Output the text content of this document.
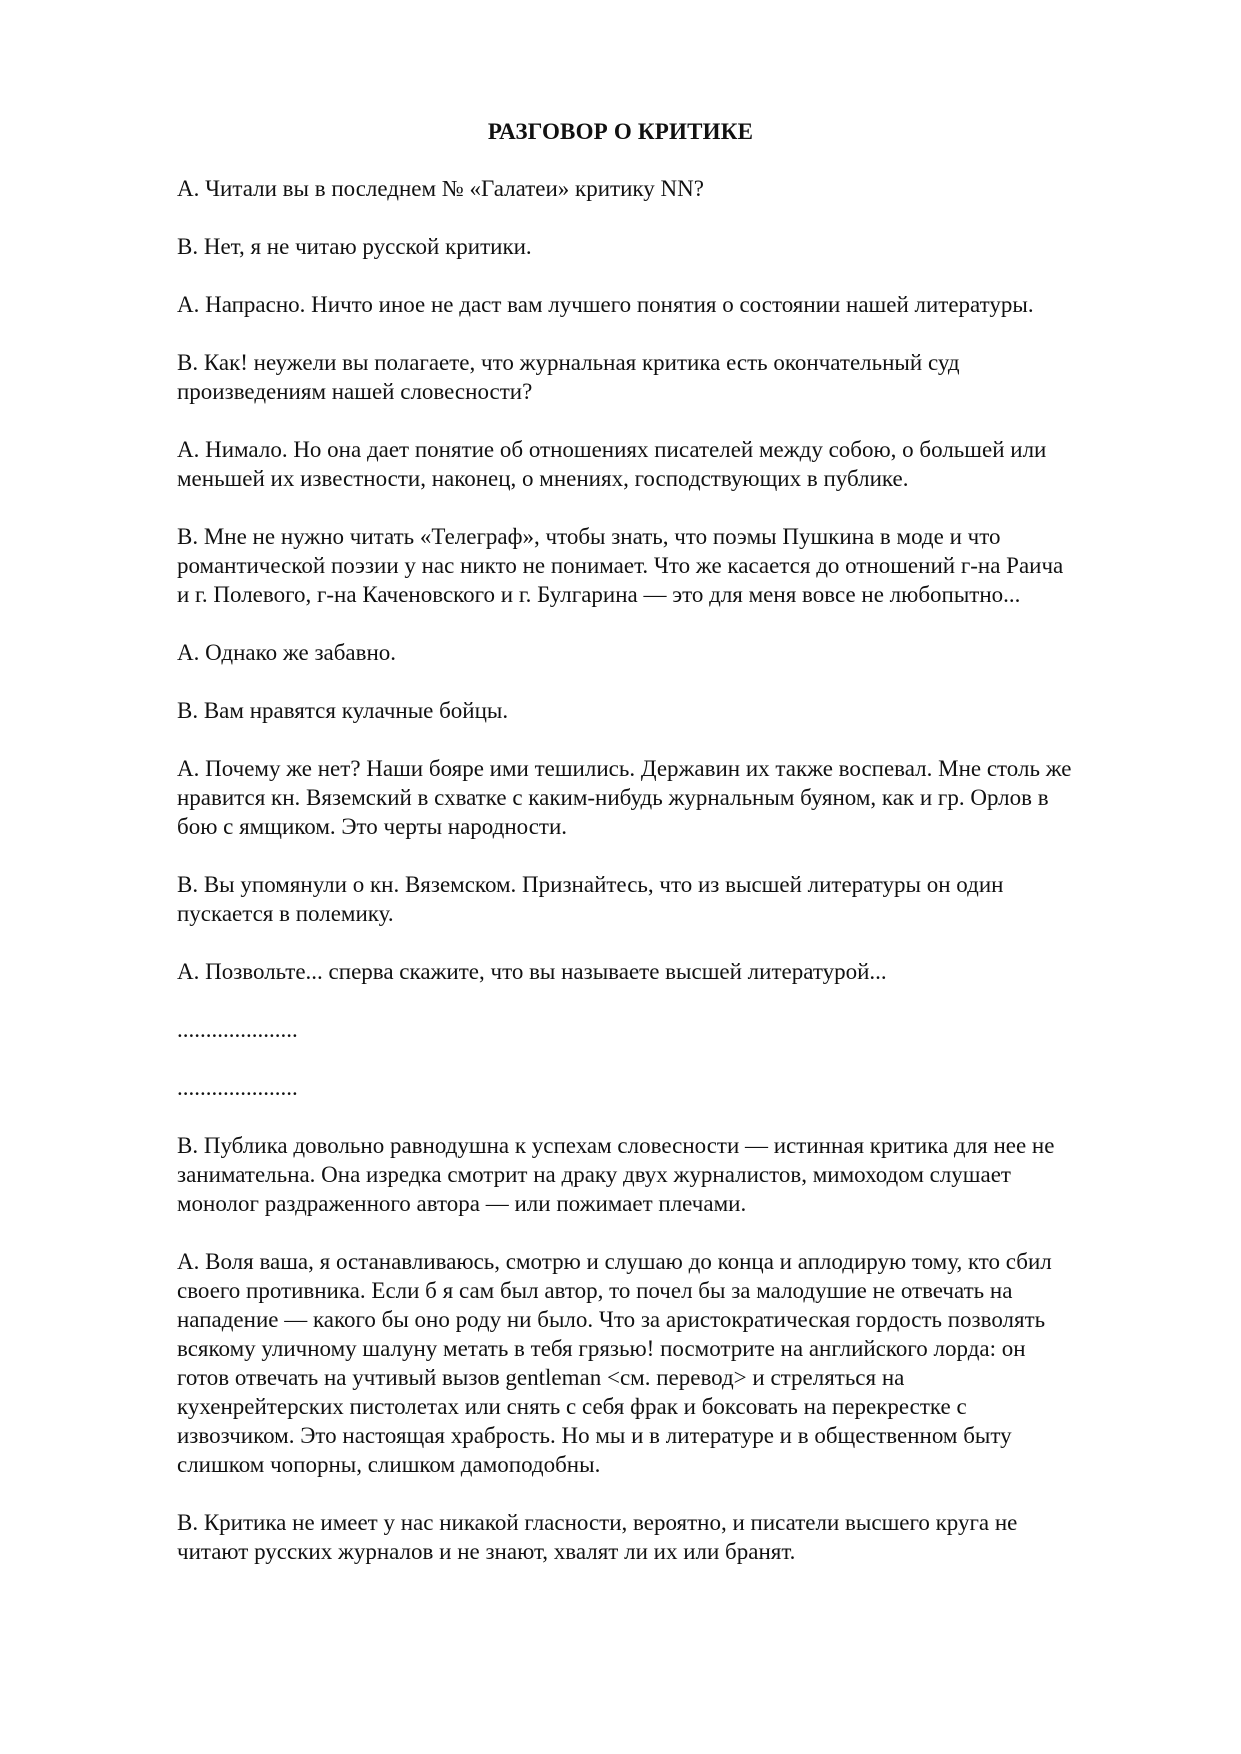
РАЗГОВОР О КРИТИКЕ

А. Читали вы в последнем № «Галатеи» критику NN?

В. Нет, я не читаю русской критики.

А. Напрасно. Ничто иное не даст вам лучшего понятия о состоянии нашей литературы.

В. Как! неужели вы полагаете, что журнальная критика есть окончательный суд
произведениям нашей словесности?

А. Нимало. Но она дает понятие об отношениях писателей между собою, о большей или
меньшей их известности, наконец, о мнениях, господствующих в публике.

В. Мне не нужно читать «Телеграф», чтобы знать, что поэмы Пушкина в моде и что
романтической поэзии у нас никто не понимает. Что же касается до отношений г-на Раича
и г. Полевого, г-на Каченовского и г. Булгарина — это для меня вовсе не любопытно...

А. Однако же забавно.

В. Вам нравятся кулачные бойцы.

А. Почему же нет? Наши бояре ими тешились. Державин их также воспевал. Мне столь же
нравится кн. Вяземский в схватке с каким-нибудь журнальным буяном, как и гр. Орлов в
бою с ямщиком. Это черты народности.

В. Вы упомянули о кн. Вяземском. Признайтесь, что из высшей литературы он один
пускается в полемику.

А. Позвольте... сперва скажите, что вы называете высшей литературой...

.....................

.....................

В. Публика довольно равнодушна к успехам словесности — истинная критика для нее не
занимательна. Она изредка смотрит на драку двух журналистов, мимоходом слушает
монолог раздраженного автора — или пожимает плечами.

А. Воля ваша, я останавливаюсь, смотрю и слушаю до конца и аплодирую тому, кто сбил
своего противника. Если б я сам был автор, то почел бы за малодушие не отвечать на
нападение — какого бы оно роду ни было. Что за аристократическая гордость позволять
всякому уличному шалуну метать в тебя грязью! посмотрите на английского лорда: он
готов отвечать на учтивый вызов gentleman <см. перевод> и стреляться на
кухенрейтерских пистолетах или снять с себя фрак и боксовать на перекрестке с
извозчиком. Это настоящая храбрость. Но мы и в литературе и в общественном быту
слишком чопорны, слишком дамоподобны.

В. Критика не имеет у нас никакой гласности, вероятно, и писатели высшего круга не
читают русских журналов и не знают, хвалят ли их или бранят.
